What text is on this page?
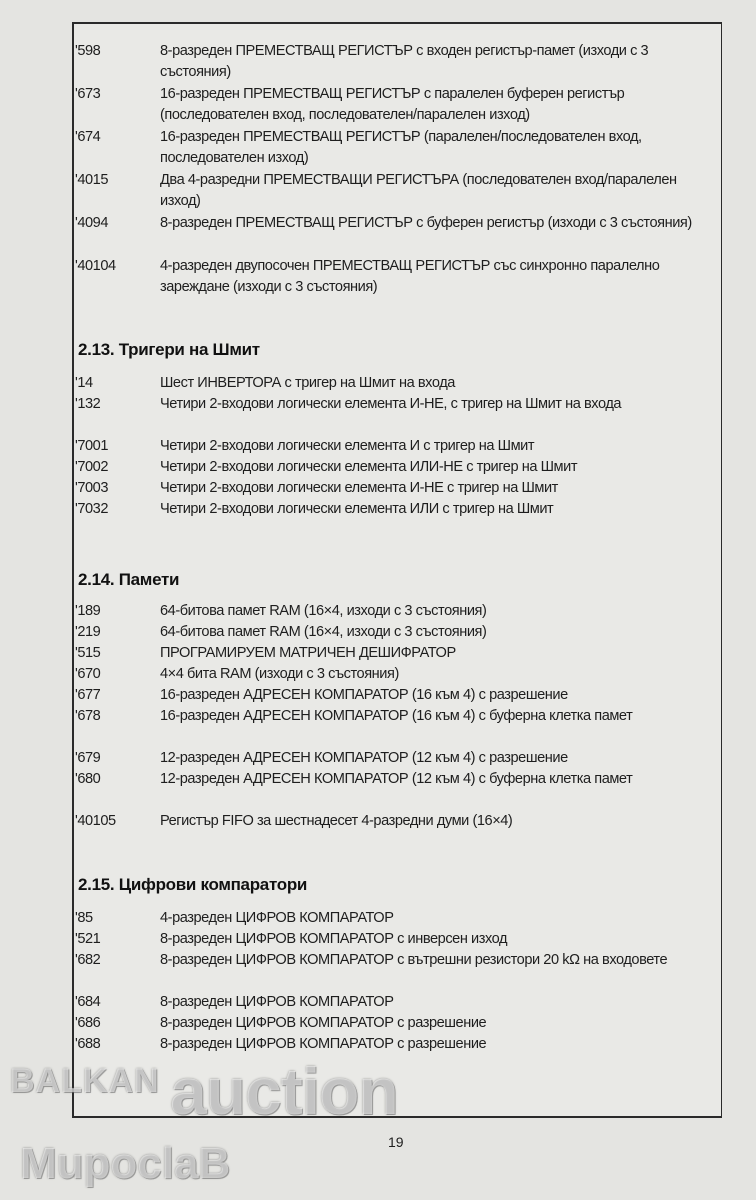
'598	8-разреден ПРЕМЕСТВАЩ РЕГИСТЪР с входен регистър-памет (изходи с 3 състояния)
'673	16-разреден ПРЕМЕСТВАЩ РЕГИСТЪР с паралелен буферен регистър (последователен вход, последователен/паралелен изход)
'674	16-разреден ПРЕМЕСТВАЩ РЕГИСТЪР (паралелен/последователен вход, последователен изход)
'4015	Два 4-разредни ПРЕМЕСТВАЩИ РЕГИСТЪРА (последователен вход/паралелен изход)
'4094	8-разреден ПРЕМЕСТВАЩ РЕГИСТЪР с буферен регистър (изходи с 3 състояния)
'40104	4-разреден двупосочен ПРЕМЕСТВАЩ РЕГИСТЪР със синхронно паралелно зареждане (изходи с 3 състояния)
2.13. Тригери на Шмит
'14	Шест ИНВЕРТОРА с тригер на Шмит на входа
'132	Четири 2-входови логически елемента И-НЕ, с тригер на Шмит на входа
'7001	Четири 2-входови логически елемента И с тригер на Шмит
'7002	Четири 2-входови логически елемента ИЛИ-НЕ с тригер на Шмит
'7003	Четири 2-входови логически елемента И-НЕ с тригер на Шмит
'7032	Четири 2-входови логически елемента ИЛИ с тригер на Шмит
2.14. Памети
'189	64-битова памет RAM (16×4, изходи с 3 състояния)
'219	64-битова памет RAM (16×4, изходи с 3 състояния)
'515	ПРОГРАМИРУЕМ МАТРИЧЕН ДЕШИФРАТОР
'670	4×4 бита RAM (изходи с 3 състояния)
'677	16-разреден АДРЕСЕН КОМПАРАТОР (16 към 4) с разрешение
'678	16-разреден АДРЕСЕН КОМПАРАТОР (16 към 4) с буферна клетка памет
'679	12-разреден АДРЕСЕН КОМПАРАТОР (12 към 4) с разрешение
'680	12-разреден АДРЕСЕН КОМПАРАТОР (12 към 4) с буферна клетка памет
'40105	Регистър FIFO за шестнадесет 4-разредни думи (16×4)
2.15. Цифрови компаратори
'85	4-разреден ЦИФРОВ КОМПАРАТОР
'521	8-разреден ЦИФРОВ КОМПАРАТОР с инверсен изход
'682	8-разреден ЦИФРОВ КОМПАРАТОР с вътрешни резистори 20 kΩ на входовете
'684	8-разреден ЦИФРОВ КОМПАРАТОР
'686	8-разреден ЦИФРОВ КОМПАРАТОР с разрешение
'688	8-разреден ЦИФРОВ КОМПАРАТОР с разрешение
19
BALKAN auction
MupoclaB
